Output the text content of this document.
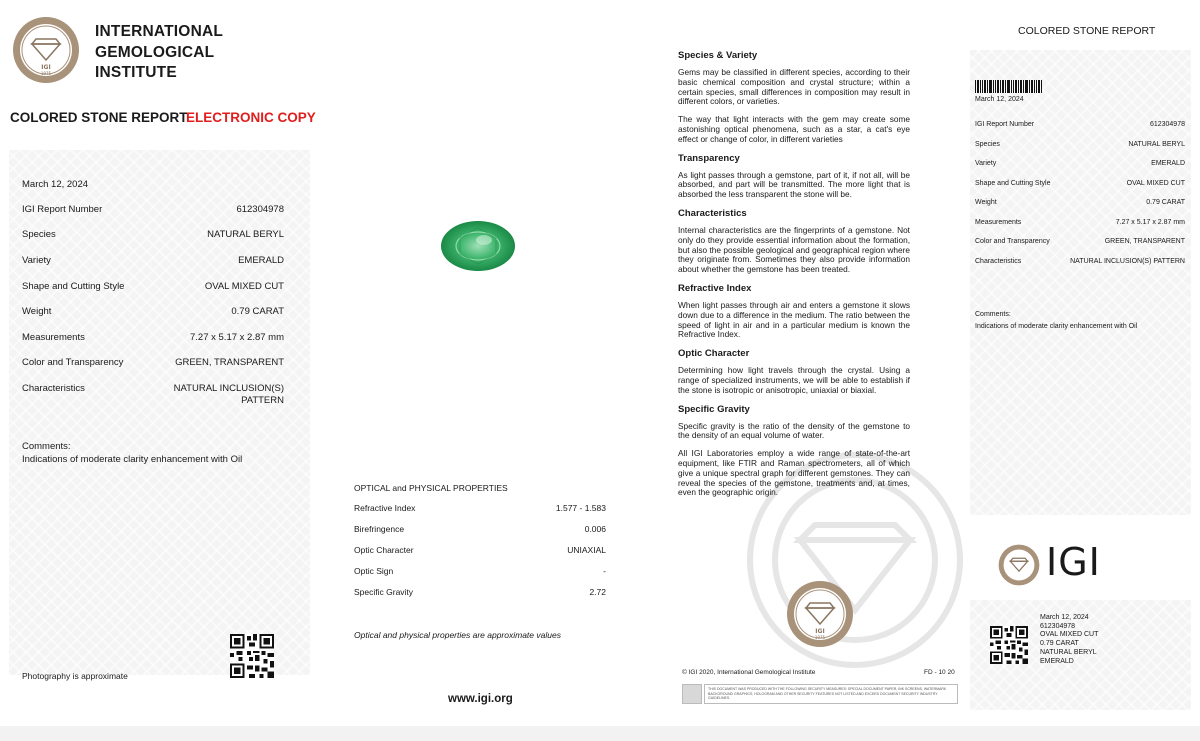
IGI
1975
INTERNATIONAL
GEMOLOGICAL
INSTITUTE
COLORED STONE REPORT
ELECTRONIC COPY
March 12, 2024
IGI Report Number	612304978
Species	NATURAL BERYL
Variety	EMERALD
Shape and Cutting Style	OVAL MIXED CUT
Weight	0.79 CARAT
Measurements	7.27 x 5.17 x 2.87 mm
Color and Transparency	GREEN, TRANSPARENT
Characteristics	NATURAL INCLUSION(S) PATTERN
Comments:
Indications of moderate clarity enhancement with Oil
Photography is approximate
OPTICAL and PHYSICAL PROPERTIES
Refractive Index	1.577 - 1.583
Birefringence	0.006
Optic Character	UNIAXIAL
Optic Sign	-
Specific Gravity	2.72
Optical and physical properties are approximate values
www.igi.org
Species & Variety

Gems may be classified in different species, according to their basic chemical composition and crystal structure; within a certain species, small differences in composition may result in different colors, or varieties.

The way that light interacts with the gem may create some astonishing optical phenomena, such as a star, a cat's eye effect or change of color, in different varieties

Transparency

As light passes through a gemstone, part of it, if not all, will be absorbed, and part will be transmitted. The more light that is absorbed the less transparent the stone will be.

Characteristics

Internal characteristics are the fingerprints of a gemstone. Not only do they provide essential information about the formation, but also the possible geological and geographical region where they originate from. Sometimes they also provide information about whether the gemstone has been treated.

Refractive Index

When light passes through air and enters a gemstone it slows down due to a difference in the medium. The ratio between the speed of light in air and in a particular medium is known the Refractive Index.

Optic Character

Determining how light travels through the crystal. Using a range of specialized instruments, we will be able to establish if the stone is isotropic or anisotropic, uniaxial or biaxial.

Specific Gravity

Specific gravity is the ratio of the density of the gemstone to the density of an equal volume of water.

All IGI Laboratories employ a wide range of state-of-the-art equipment, like FTIR and Raman spectrometers, all of which give a unique spectral graph for different gemstones. They can reveal the species of the gemstone, treatments and, at times, even the geographic origin.

IGI
1975
© IGI 2020, International Gemological Institute	FD - 10 20
THIS DOCUMENT WAS PRODUCED WITH THE FOLLOWING SECURITY MEASURES: SPECIAL DOCUMENT PAPER, INK SCREENS, WATERMARK BACKGROUND GRAPHICS, HOLOGRAM AND OTHER SECURITY FEATURES NOT LISTED AND EXCEED DOCUMENT SECURITY INDUSTRY GUIDELINES.
COLORED STONE REPORT
March 12, 2024
IGI Report Number	612304978
Species	NATURAL BERYL
Variety	EMERALD
Shape and Cutting Style	OVAL MIXED CUT
Weight	0.79 CARAT
Measurements	7.27 x 5.17 x 2.87 mm
Color and Transparency	GREEN, TRANSPARENT
Characteristics	NATURAL INCLUSION(S) PATTERN
Comments:
Indications of moderate clarity enhancement with Oil
IGI
March 12, 2024
612304978
OVAL MIXED CUT
0.79 CARAT
NATURAL BERYL
EMERALD
